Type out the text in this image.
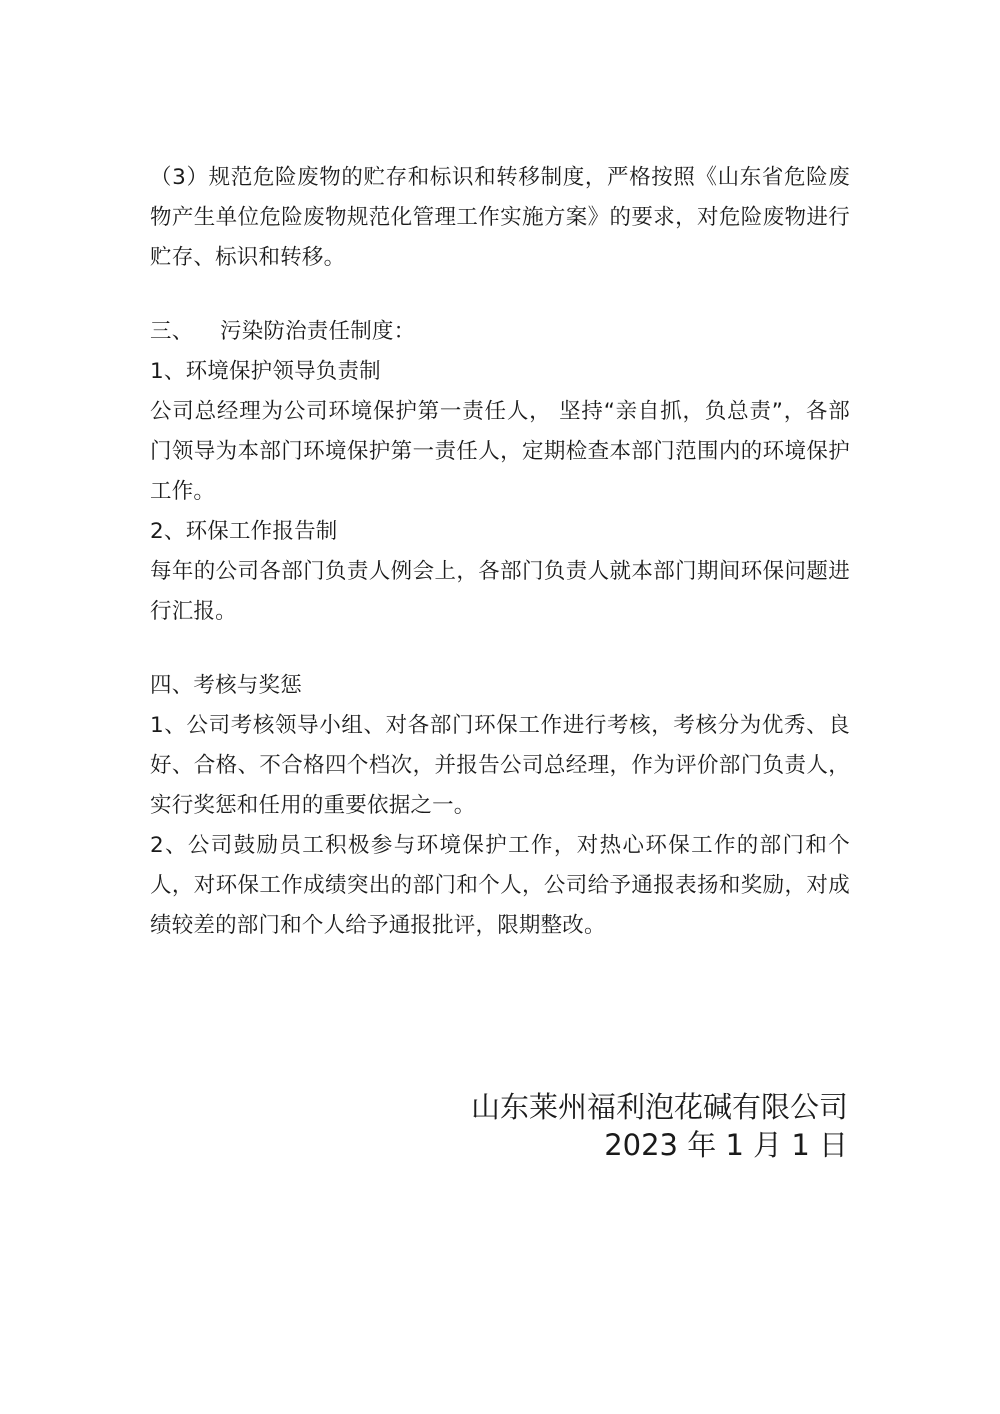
（3）规范危险废物的贮存和标识和转移制度，严格按照《山东省危险废物产生单位危险废物规范化管理工作实施方案》的要求，对危险废物进行贮存、标识和转移。

三、 污染防治责任制度：

1、环境保护领导负责制

公司总经理为公司环境保护第一责任人， 坚持“亲自抓，负总责”，各部门领导为本部门环境保护第一责任人，定期检查本部门范围内的环境保护工作。

2、环保工作报告制

每年的公司各部门负责人例会上，各部门负责人就本部门期间环保问题进行汇报。

四、考核与奖惩

1、公司考核领导小组、对各部门环保工作进行考核，考核分为优秀、良好、合格、不合格四个档次，并报告公司总经理，作为评价部门负责人，实行奖惩和任用的重要依据之一。

2、公司鼓励员工积极参与环境保护工作，对热心环保工作的部门和个人，对环保工作成绩突出的部门和个人，公司给予通报表扬和奖励，对成绩较差的部门和个人给予通报批评，限期整改。

山东莱州福利泡花碱有限公司
2023 年 1 月 1 日
